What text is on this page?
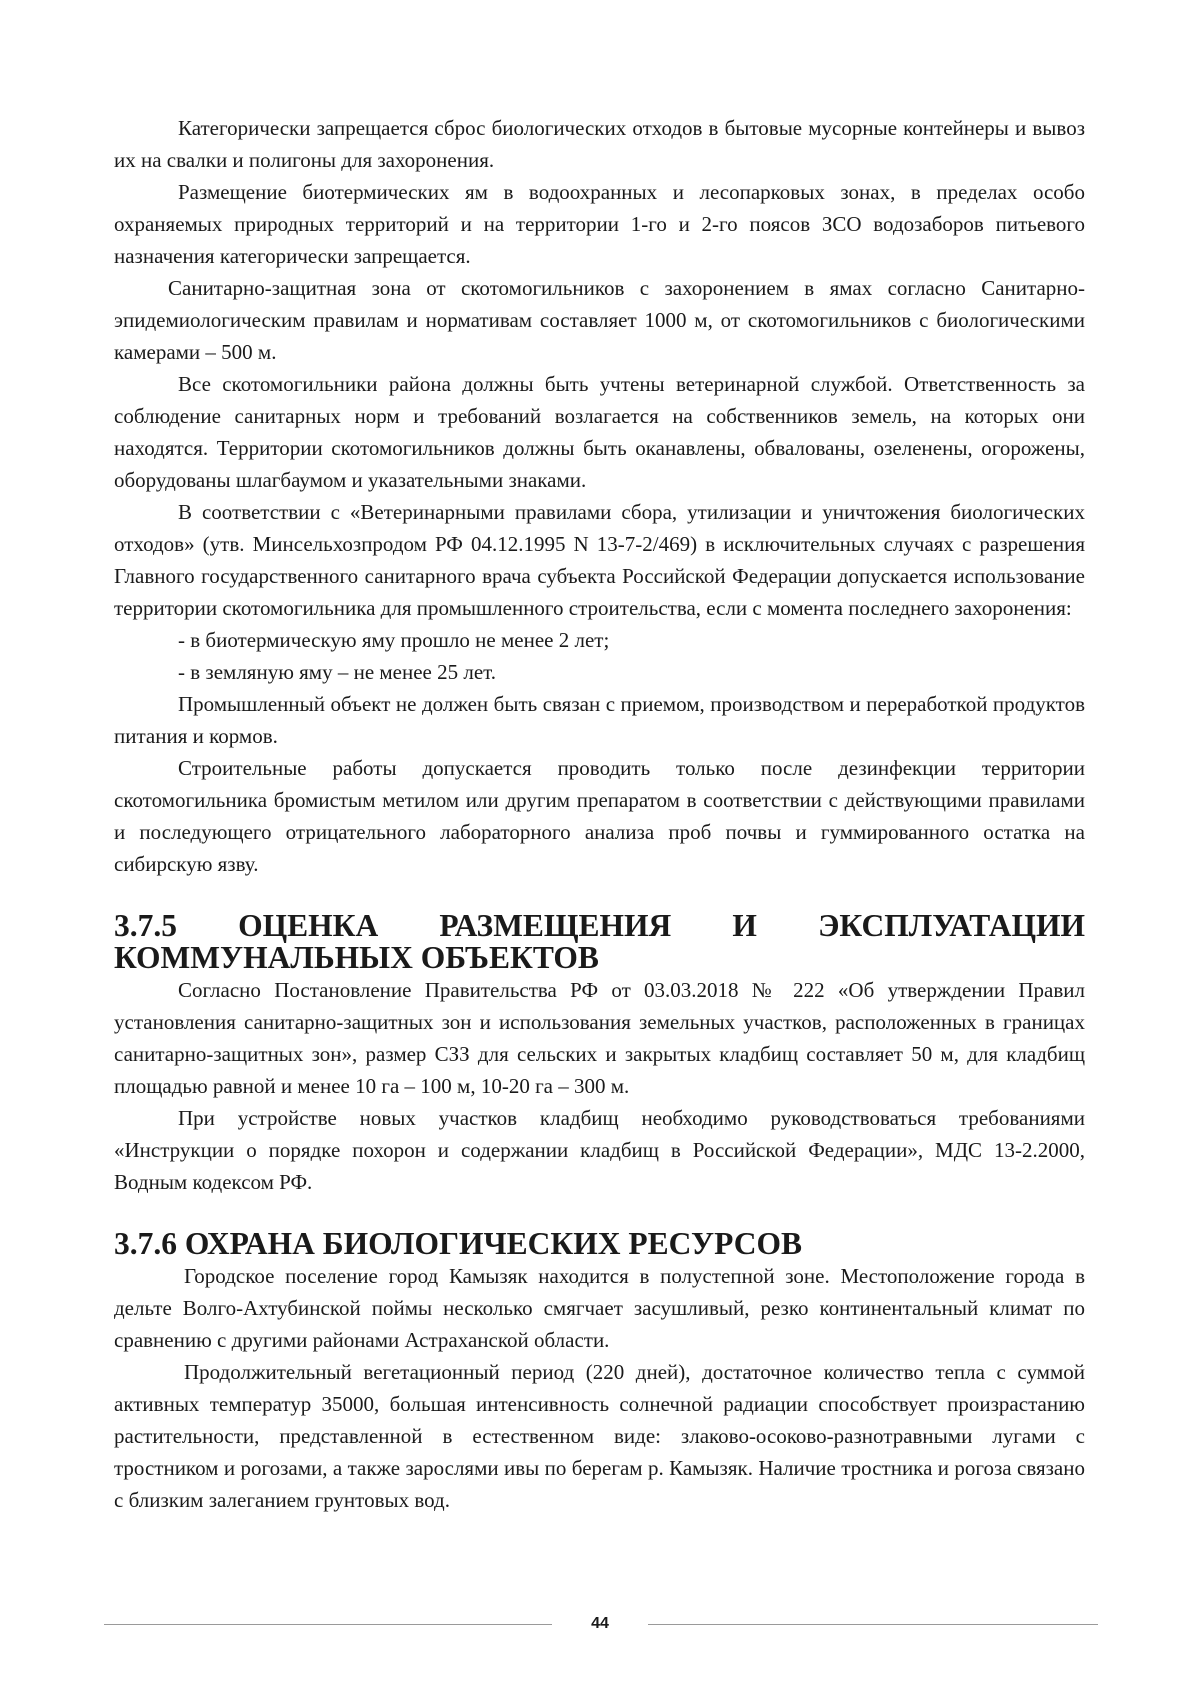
Категорически запрещается сброс биологических отходов в бытовые мусорные контейнеры и вывоз их на свалки и полигоны для захоронения.

Размещение биотермических ям в водоохранных и лесопарковых зонах, в пределах особо охраняемых природных территорий и на территории 1-го и 2-го поясов ЗСО водозаборов питьевого назначения категорически запрещается.

Санитарно-защитная зона от скотомогильников с захоронением в ямах согласно Санитарно-эпидемиологическим правилам и нормативам составляет 1000 м, от скотомогильников с биологическими камерами – 500 м.

Все скотомогильники района должны быть учтены ветеринарной службой. Ответственность за соблюдение санитарных норм и требований возлагается на собственников земель, на которых они находятся. Территории скотомогильников должны быть оканавлены, обвалованы, озеленены, огорожены, оборудованы шлагбаумом и указательными знаками.

В соответствии с «Ветеринарными правилами сбора, утилизации и уничтожения биологических отходов» (утв. Минсельхозпродом РФ 04.12.1995 N 13-7-2/469) в исключительных случаях с разрешения Главного государственного санитарного врача субъекта Российской Федерации допускается использование территории скотомогильника для промышленного строительства, если с момента последнего захоронения:

- в биотермическую яму прошло не менее 2 лет;

- в земляную яму – не менее 25 лет.

Промышленный объект не должен быть связан с приемом, производством и переработкой продуктов питания и кормов.

Строительные работы допускается проводить только после дезинфекции территории скотомогильника бромистым метилом или другим препаратом в соответствии с действующими правилами и последующего отрицательного лабораторного анализа проб почвы и гуммированного остатка на сибирскую язву.

3.7.5 ОЦЕНКА РАЗМЕЩЕНИЯ И ЭКСПЛУАТАЦИИ КОММУНАЛЬНЫХ ОБЪЕКТОВ

Согласно Постановление Правительства РФ от 03.03.2018 № 222 «Об утверждении Правил установления санитарно-защитных зон и использования земельных участков, расположенных в границах санитарно-защитных зон», размер СЗЗ для сельских и закрытых кладбищ составляет 50 м, для кладбищ площадью равной и менее 10 га – 100 м, 10-20 га – 300 м.

При устройстве новых участков кладбищ необходимо руководствоваться требованиями «Инструкции о порядке похорон и содержании кладбищ в Российской Федерации», МДС 13-2.2000, Водным кодексом РФ.

3.7.6 ОХРАНА БИОЛОГИЧЕСКИХ РЕСУРСОВ

Городское поселение город Камызяк находится в полустепной зоне. Местоположение города в дельте Волго-Ахтубинской поймы несколько смягчает засушливый, резко континентальный климат по сравнению с другими районами Астраханской области.

Продолжительный вегетационный период (220 дней), достаточное количество тепла с суммой активных температур 35000, большая интенсивность солнечной радиации способствует произрастанию растительности, представленной в естественном виде: злаково-осоково-разнотравными лугами с тростником и рогозами, а также зарослями ивы по берегам р. Камызяк. Наличие тростника и рогоза связано с близким залеганием грунтовых вод.

44
